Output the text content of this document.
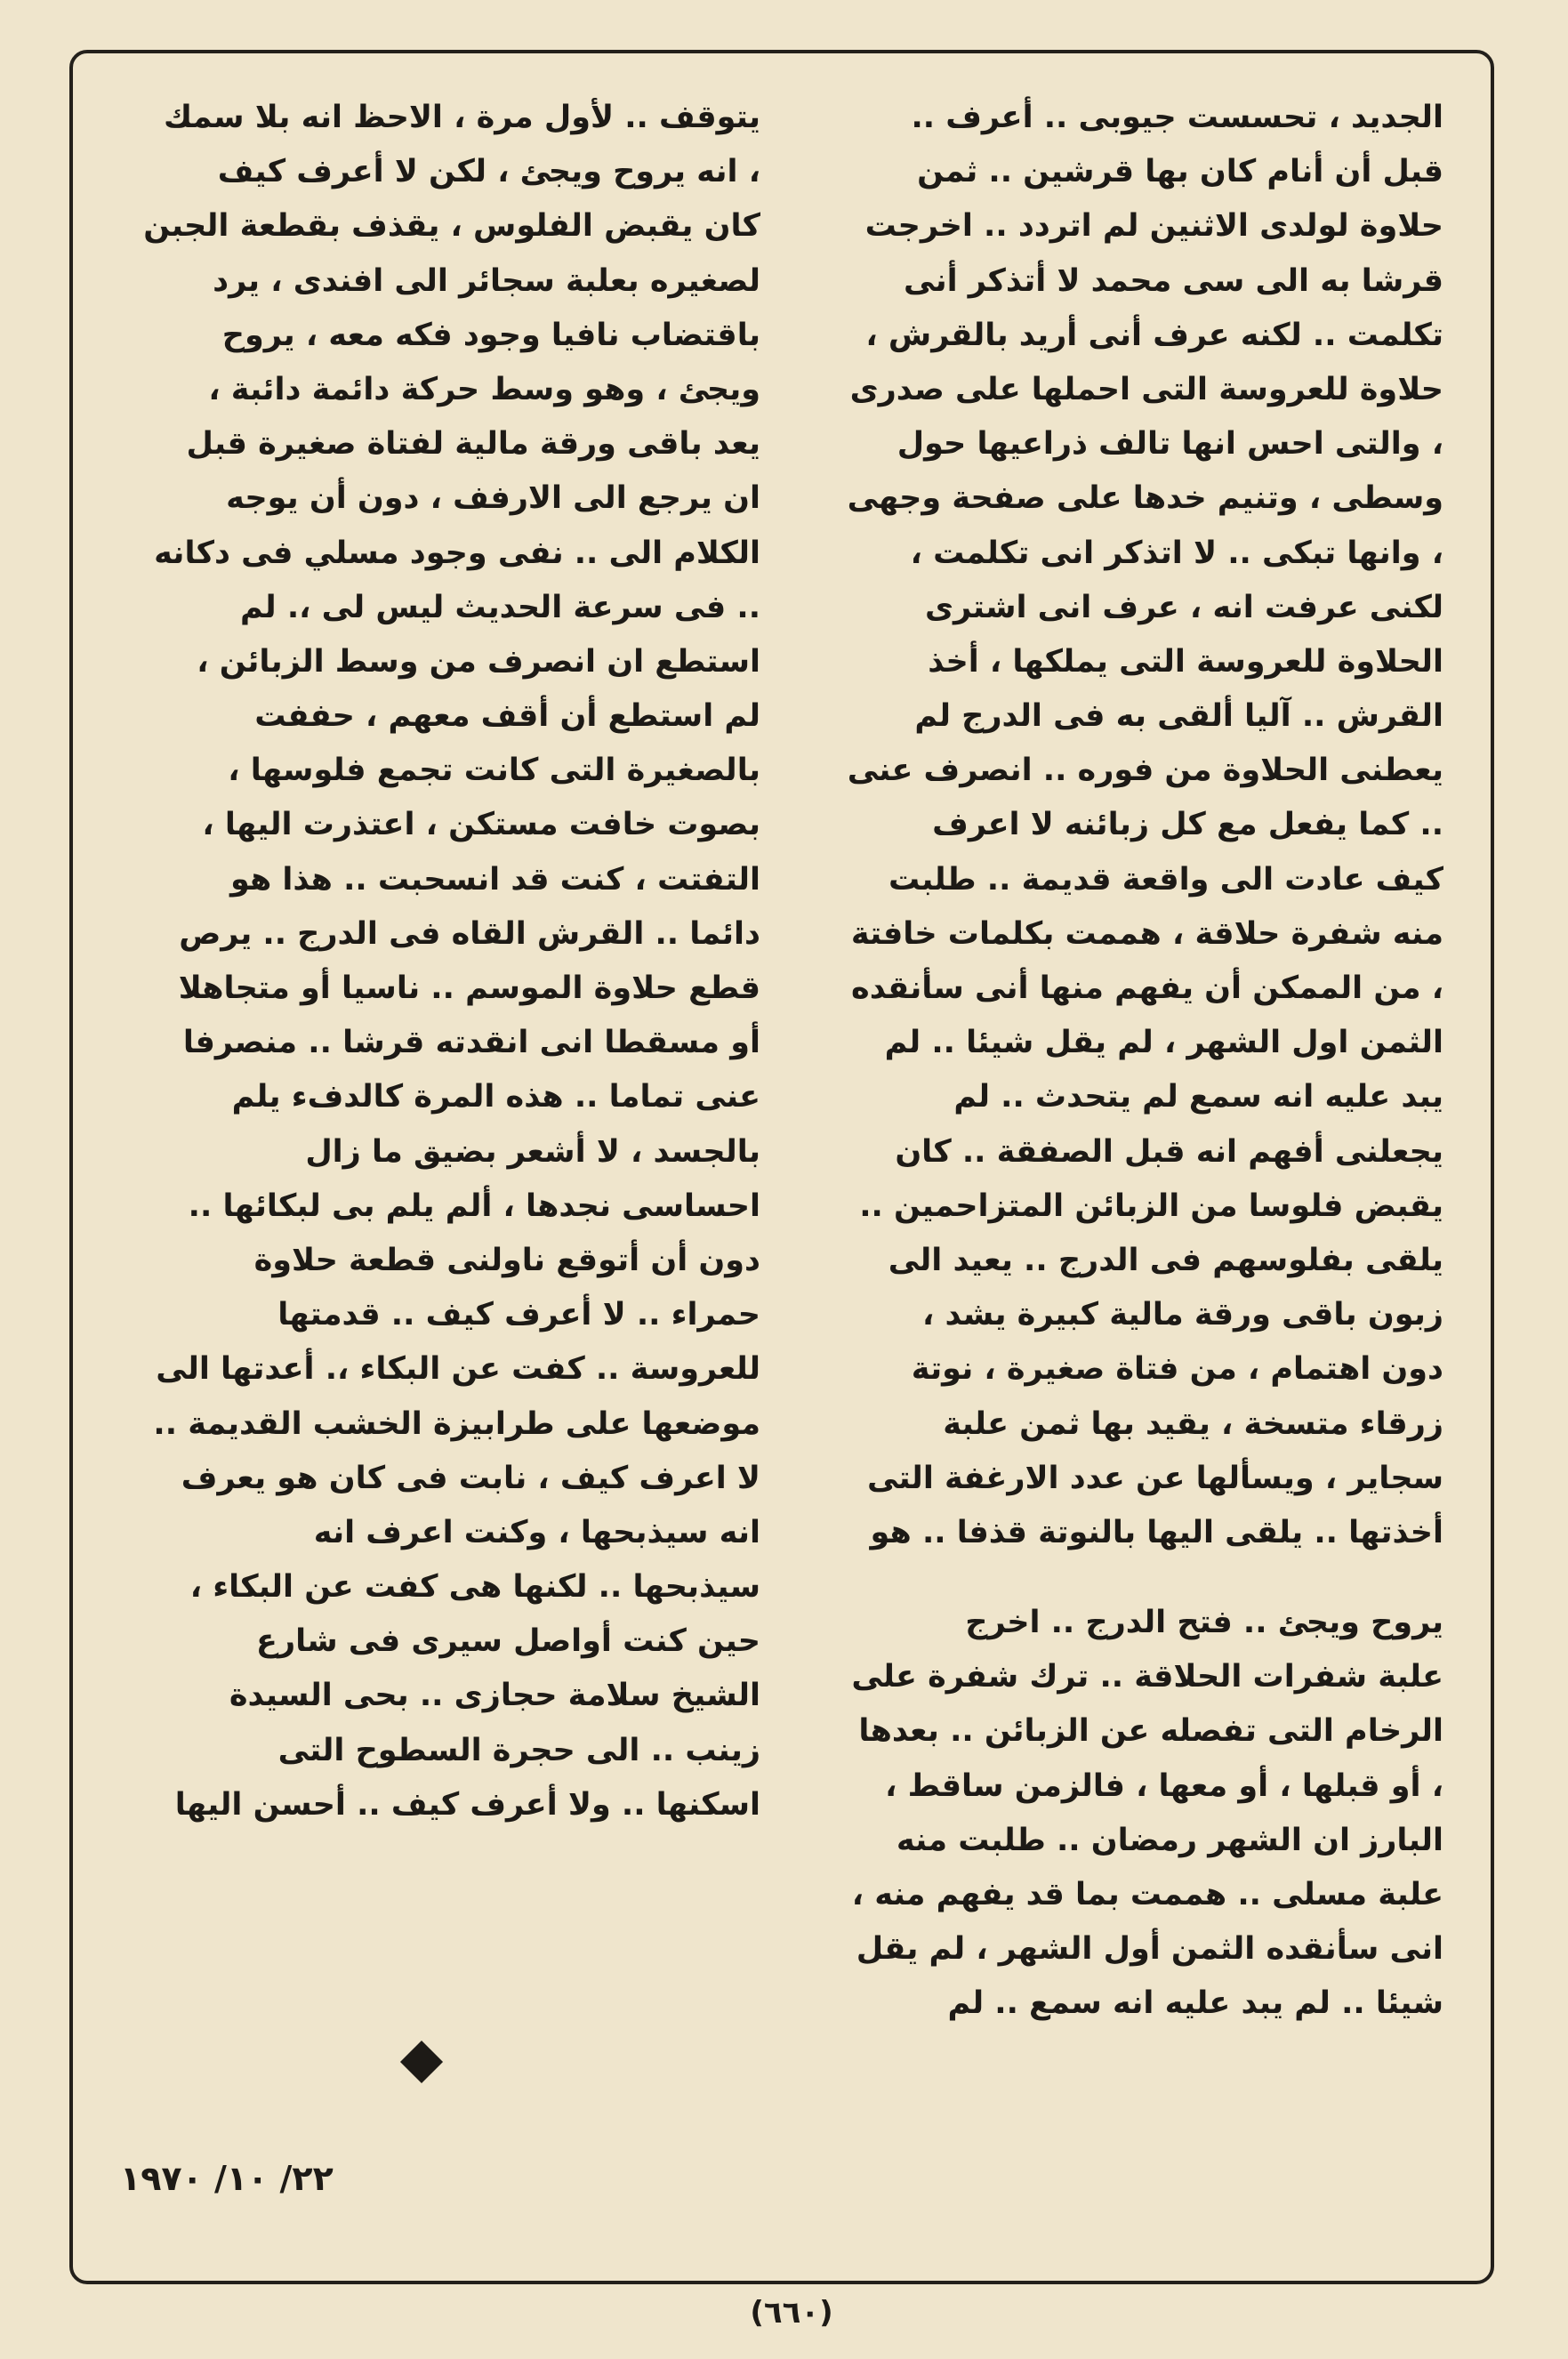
الجديد ، تحسست جيوبى .. أعرف ..
قبل أن أنام كان بها قرشين .. ثمن
حلاوة لولدى الاثنين لم اتردد .. اخرجت
قرشا به الى سى محمد لا أتذكر أنى
تكلمت .. لكنه عرف أنى أريد بالقرش ،
حلاوة للعروسة التى احملها على صدرى
، والتى احس انها تالف ذراعيها حول
وسطى ، وتنيم خدها على صفحة وجهى
، وانها تبكى .. لا اتذكر انى تكلمت ،
لكنى عرفت انه ، عرف انى اشترى
الحلاوة للعروسة التى يملكها ، أخذ
القرش .. آليا ألقى به فى الدرج لم
يعطنى الحلاوة من فوره .. انصرف عنى
.. كما يفعل مع كل زبائنه لا اعرف
كيف عادت الى واقعة قديمة .. طلبت
منه شفرة حلاقة ، هممت بكلمات خافتة
، من الممكن أن يفهم منها أنى سأنقده
الثمن اول الشهر ، لم يقل شيئا .. لم
يبد عليه انه سمع لم يتحدث .. لم
يجعلنى أفهم انه قبل الصفقة .. كان
يقبض فلوسا من الزبائن المتزاحمين ..
يلقى بفلوسهم فى الدرج .. يعيد الى
زبون باقى ورقة مالية كبيرة يشد ،
دون اهتمام ، من فتاة صغيرة ، نوتة
زرقاء متسخة ، يقيد بها ثمن علبة
سجاير ، ويسألها عن عدد الارغفة التى
أخذتها .. يلقى اليها بالنوتة قذفا .. هو
يروح ويجئ .. فتح الدرج .. اخرج
علبة شفرات الحلاقة .. ترك شفرة على
الرخام التى تفصله عن الزبائن .. بعدها
، أو قبلها ، أو معها ، فالزمن ساقط ،
البارز ان الشهر رمضان .. طلبت منه
علبة مسلى .. هممت بما قد يفهم منه ،
انى سأنقده الثمن أول الشهر ، لم يقل
شيئا .. لم يبد عليه انه سمع .. لم
يتوقف .. لأول مرة ، الاحظ انه بلا سمك
، انه يروح ويجئ ، لكن لا أعرف كيف
كان يقبض الفلوس ، يقذف بقطعة الجبن
لصغيره بعلبة سجائر الى افندى ، يرد
باقتضاب نافيا وجود فكه معه ، يروح
ويجئ ، وهو وسط حركة دائمة دائبة ،
يعد باقى ورقة مالية لفتاة صغيرة قبل
ان يرجع الى الارفف ، دون أن يوجه
الكلام الى .. نفى وجود مسلي فى دكانه
.. فى سرعة الحديث ليس لى ،. لم
استطع ان انصرف من وسط الزبائن ،
لم استطع أن أقف معهم ، حففت
بالصغيرة التى كانت تجمع فلوسها ،
بصوت خافت مستكن ، اعتذرت اليها ،
التفتت ، كنت قد انسحبت .. هذا هو
دائما .. القرش القاه فى الدرج .. يرص
قطع حلاوة الموسم .. ناسيا أو متجاهلا
أو مسقطا انى انقدته قرشا .. منصرفا
عنى تماما .. هذه المرة كالدفء يلم
بالجسد ، لا أشعر بضيق ما زال
احساسى نجدها ، ألم يلم بى لبكائها ..
دون أن أتوقع ناولنى قطعة حلاوة
حمراء .. لا أعرف كيف .. قدمتها
للعروسة .. كفت عن البكاء ،. أعدتها الى
موضعها على طرابيزة الخشب القديمة ..
لا اعرف كيف ، نابت فى كان هو يعرف
انه سيذبحها ، وكنت اعرف انه
سيذبحها .. لكنها هى كفت عن البكاء ،
حين كنت أواصل سيرى فى شارع
الشيخ سلامة حجازى .. بحى السيدة
زينب .. الى حجرة السطوح التى
اسكنها .. ولا أعرف كيف .. أحسن اليها
٢٢/ ١٠/ ١٩٧٠
(٦٦٠)
